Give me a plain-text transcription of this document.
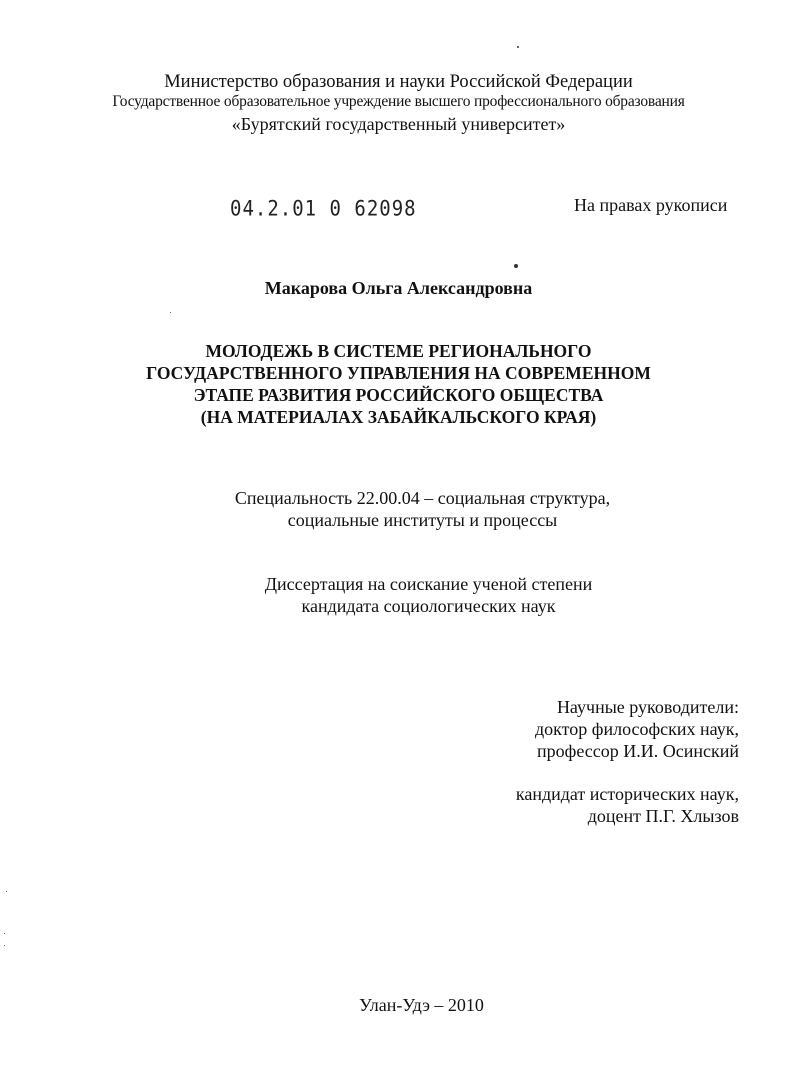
Министерство образования и науки Российской Федерации
Государственное образовательное учреждение высшего профессионального образования
«Бурятский государственный университет»
04.2.01 0 62098	На правах рукописи
Макарова Ольга Александровна
МОЛОДЕЖЬ В СИСТЕМЕ РЕГИОНАЛЬНОГО
ГОСУДАРСТВЕННОГО УПРАВЛЕНИЯ НА СОВРЕМЕННОМ
ЭТАПЕ РАЗВИТИЯ РОССИЙСКОГО ОБЩЕСТВА
(НА МАТЕРИАЛАХ ЗАБАЙКАЛЬСКОГО КРАЯ)
Специальность 22.00.04 – социальная структура,
социальные институты и процессы
Диссертация на соискание ученой степени
кандидата социологических наук
Научные руководители:
доктор философских наук,
профессор И.И. Осинский
кандидат исторических наук,
доцент П.Г. Хлызов
Улан-Удэ – 2010
